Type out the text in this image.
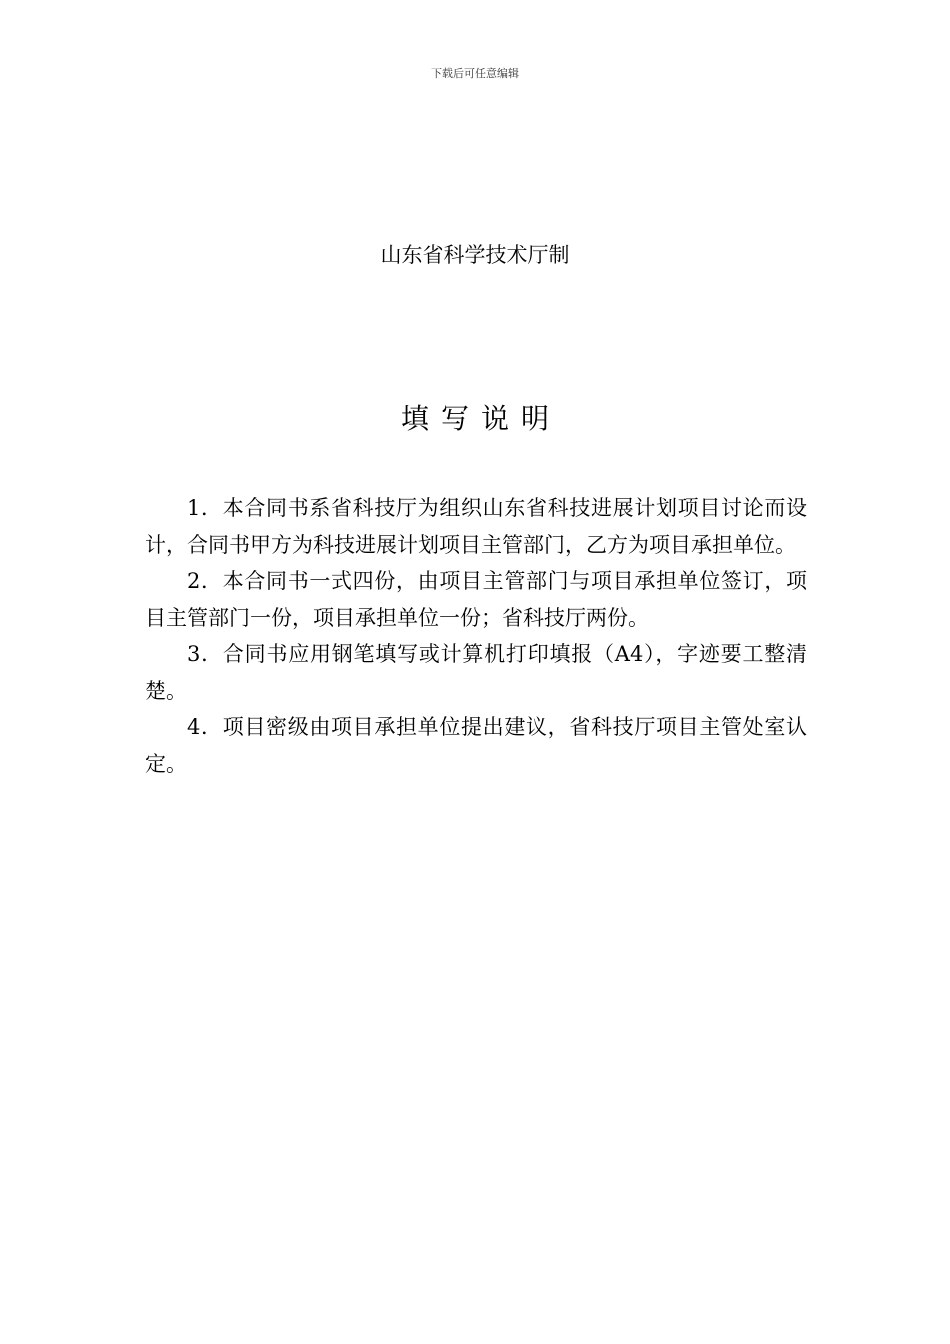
下载后可任意编辑
山东省科学技术厅制
填写说明

1．本合同书系省科技厅为组织山东省科技进展计划项目讨论而设计，合同书甲方为科技进展计划项目主管部门，乙方为项目承担单位。

2．本合同书一式四份，由项目主管部门与项目承担单位签订，项目主管部门一份，项目承担单位一份；省科技厅两份。

3．合同书应用钢笔填写或计算机打印填报（A4），字迹要工整清楚。

4．项目密级由项目承担单位提出建议，省科技厅项目主管处室认定。
